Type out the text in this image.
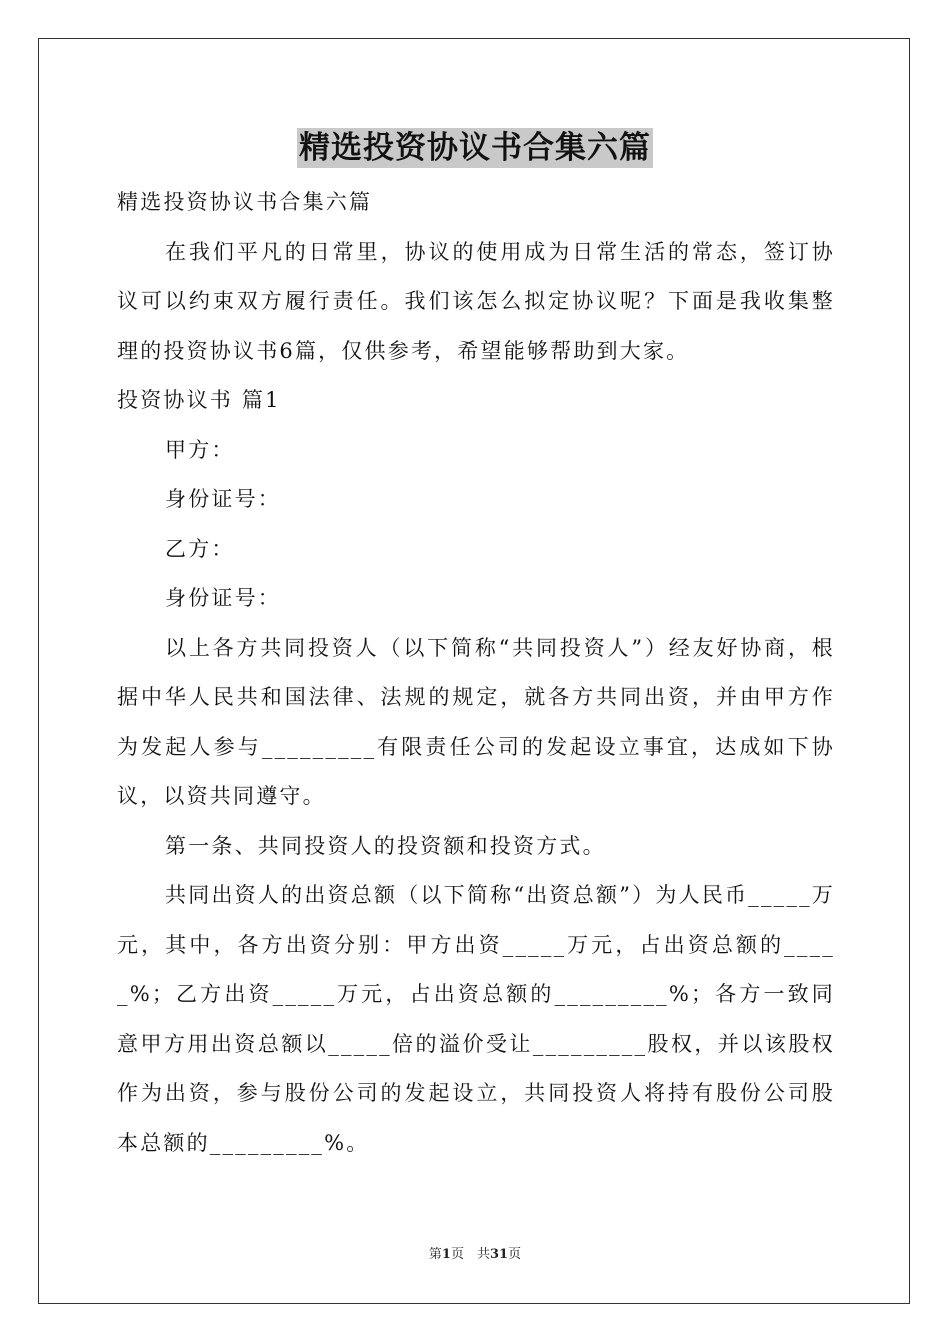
精选投资协议书合集六篇

精选投资协议书合集六篇

在我们平凡的日常里，协议的使用成为日常生活的常态，签订协议可以约束双方履行责任。我们该怎么拟定协议呢？下面是我收集整理的投资协议书6篇，仅供参考，希望能够帮助到大家。

投资协议书 篇1

甲方：

身份证号：

乙方：

身份证号：

以上各方共同投资人（以下简称“共同投资人”）经友好协商，根据中华人民共和国法律、法规的规定，就各方共同出资，并由甲方作为发起人参与_________有限责任公司的发起设立事宜，达成如下协议，以资共同遵守。

第一条、共同投资人的投资额和投资方式。

共同出资人的出资总额（以下简称“出资总额”）为人民币_____万元，其中，各方出资分别：甲方出资_____万元，占出资总额的_____%；乙方出资_____万元，占出资总额的_________%；各方一致同意甲方用出资总额以_____倍的溢价受让_________股权，并以该股权作为出资，参与股份公司的发起设立，共同投资人将持有股份公司股本总额的_________%。

第1页　共31页
